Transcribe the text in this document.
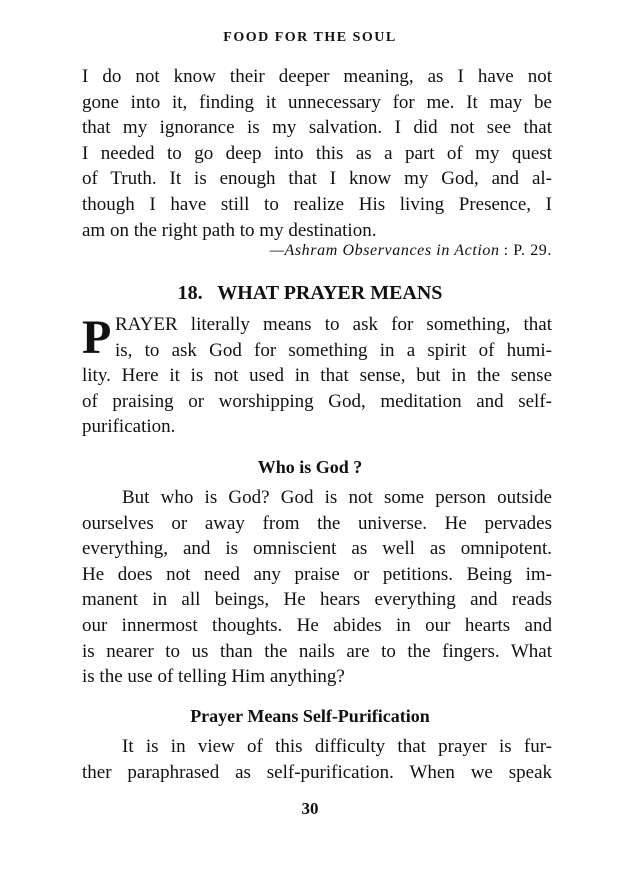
FOOD FOR THE SOUL
I do not know their deeper meaning, as I have not
gone into it, finding it unnecessary for me. It may be
that my ignorance is my salvation. I did not see that
I needed to go deep into this as a part of my quest
of Truth. It is enough that I know my God, and al-
though I have still to realize His living Presence, I
am on the right path to my destination.
—Ashram Observances in Action : P. 29.
18.   WHAT PRAYER MEANS
P RAYER literally means to ask for something, that
is, to ask God for something in a spirit of humi-
lity. Here it is not used in that sense, but in the sense
of praising or worshipping God, meditation and self-
purification.
Who is God ?
But who is God? God is not some person outside
ourselves or away from the universe. He pervades
everything, and is omniscient as well as omnipotent.
He does not need any praise or petitions. Being im-
manent in all beings, He hears everything and reads
our innermost thoughts. He abides in our hearts and
is nearer to us than the nails are to the fingers. What
is the use of telling Him anything?
Prayer Means Self-Purification
It is in view of this difficulty that prayer is fur-
ther paraphrased as self-purification. When we speak
30
